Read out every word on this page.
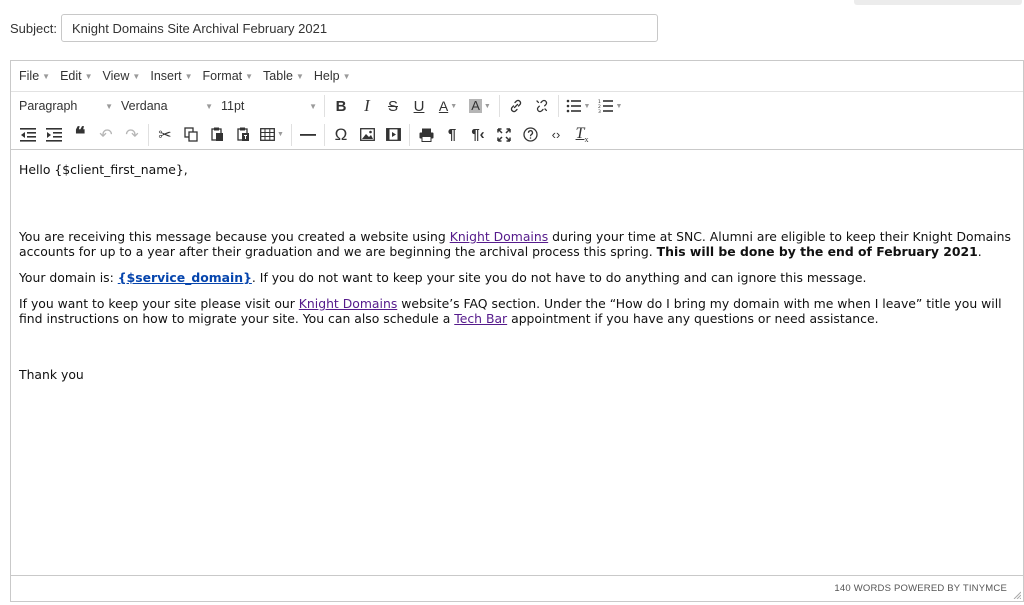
Subject:
Knight Domains Site Archival February 2021
File ▼ Edit ▼ View ▼ Insert ▼ Format ▼ Table ▼ Help ▼
Paragraph	▼ Verdana	▼ 11pt	▼ B I S U A ▼ A ▼	▼ 1
2
3
▼
❝ ↶ ↷ ✂	▼	Ω	¶ ¶‹	‹› $T_x$

Hello {$client_first_name},

You are receiving this message because you created a website using Knight Domains during your time at SNC. Alumni are eligible to keep their Knight Domains accounts for up to a year after their graduation and we are beginning the archival process this spring. This will be done by the end of February 2021.

Your domain is: {$service_domain}. If you do not want to keep your site you do not have to do anything and can ignore this message.

If you want to keep your site please visit our Knight Domains website’s FAQ section. Under the “How do I bring my domain with me when I leave” title you will find instructions on how to migrate your site. You can also schedule a Tech Bar appointment if you have any questions or need assistance.

Thank you

140 WORDS POWERED BY TINYMCE
